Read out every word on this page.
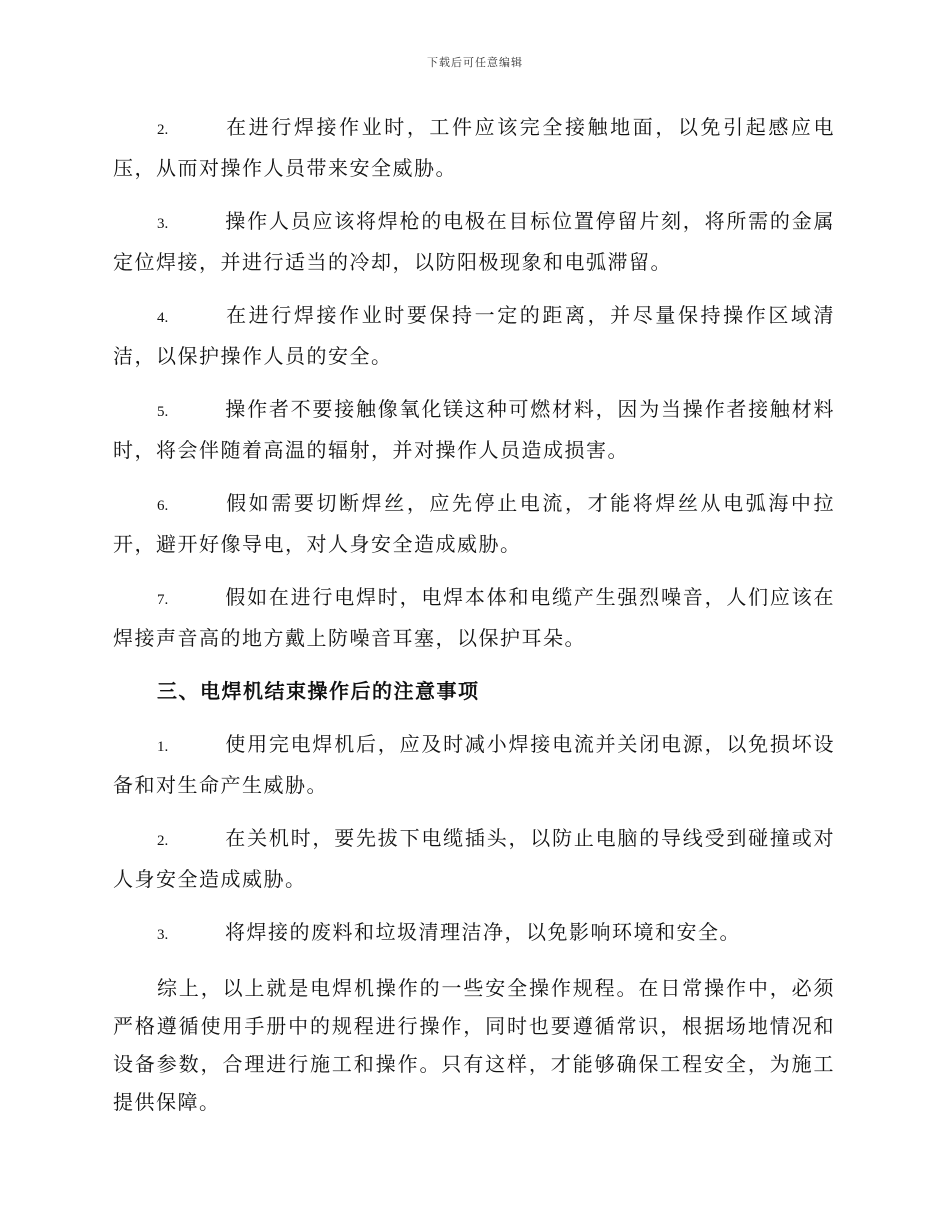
下载后可任意编辑

2.	在进行焊接作业时，工件应该完全接触地面，以免引起感应电压，从而对操作人员带来安全威胁。

3.	操作人员应该将焊枪的电极在目标位置停留片刻，将所需的金属定位焊接，并进行适当的冷却，以防阳极现象和电弧滞留。

4.	在进行焊接作业时要保持一定的距离，并尽量保持操作区域清洁，以保护操作人员的安全。

5.	操作者不要接触像氧化镁这种可燃材料，因为当操作者接触材料时，将会伴随着高温的辐射，并对操作人员造成损害。

6.	假如需要切断焊丝，应先停止电流，才能将焊丝从电弧海中拉开，避开好像导电，对人身安全造成威胁。

7.	假如在进行电焊时，电焊本体和电缆产生强烈噪音，人们应该在焊接声音高的地方戴上防噪音耳塞，以保护耳朵。

三、电焊机结束操作后的注意事项

1.	使用完电焊机后，应及时减小焊接电流并关闭电源，以免损坏设备和对生命产生威胁。

2.	在关机时，要先拔下电缆插头，以防止电脑的导线受到碰撞或对人身安全造成威胁。

3.	将焊接的废料和垃圾清理洁净，以免影响环境和安全。

综上，以上就是电焊机操作的一些安全操作规程。在日常操作中，必须严格遵循使用手册中的规程进行操作，同时也要遵循常识，根据场地情况和设备参数，合理进行施工和操作。只有这样，才能够确保工程安全，为施工提供保障。
